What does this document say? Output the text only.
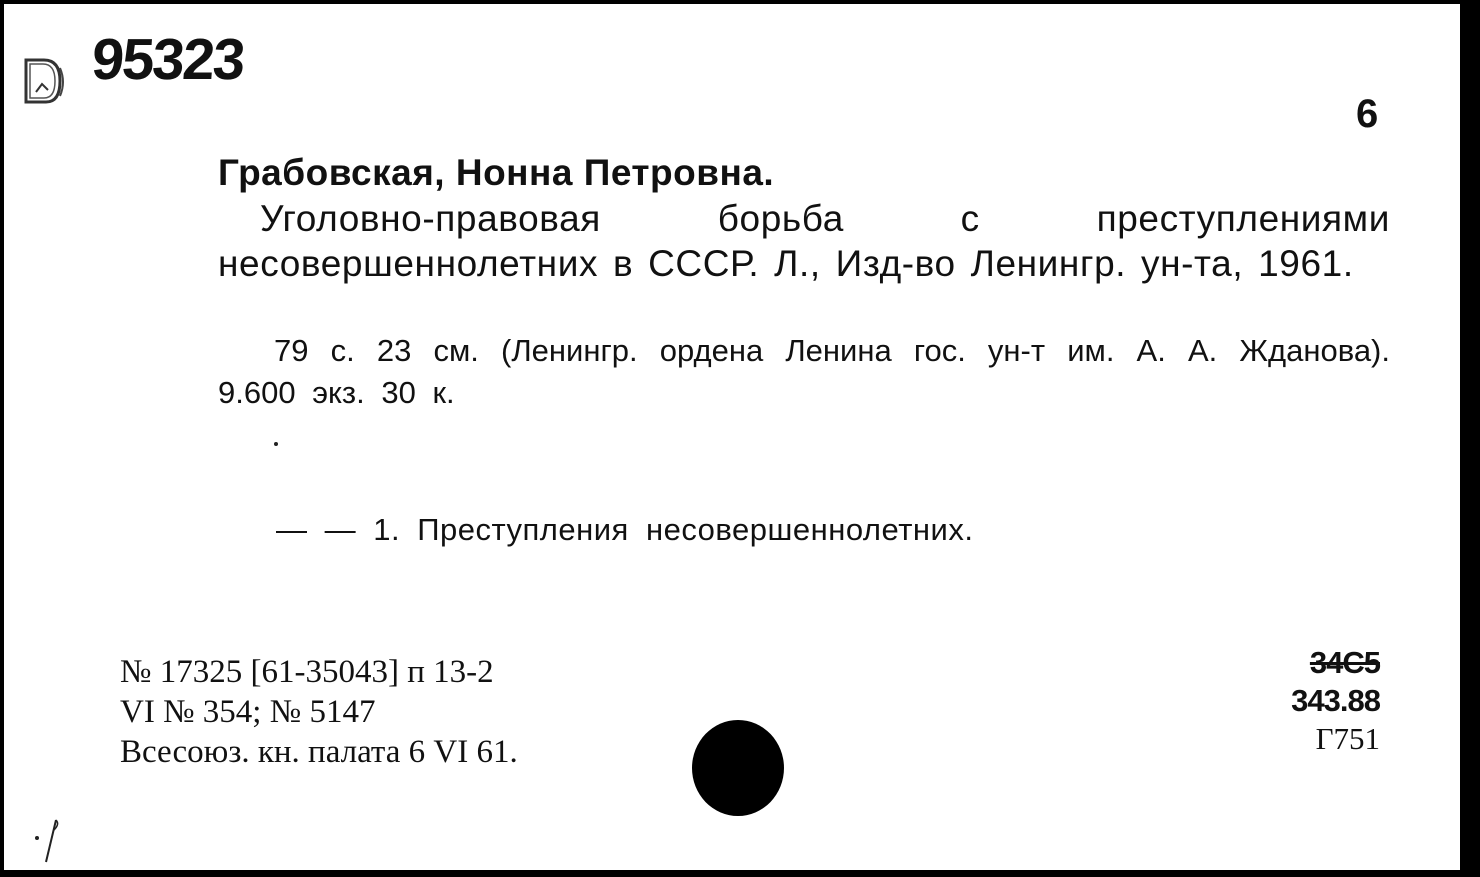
95323
6
Грабовская, Нонна Петровна.
Уголовно-правовая борьба с преступлениями несовершеннолетних в СССР. Л., Изд-во Ленингр. ун-та, 1961.
79 с. 23 см. (Ленингр. ордена Ленина гос. ун-т им. А. А. Жданова). 9.600 экз. 30 к.
— — 1. Преступления несовершеннолетних.
№ 17325 [61-35043] п 13-2
VI № 354; № 5147
Всесоюз. кн. палата 6 VI 61.
34С5
343.88
Г751
